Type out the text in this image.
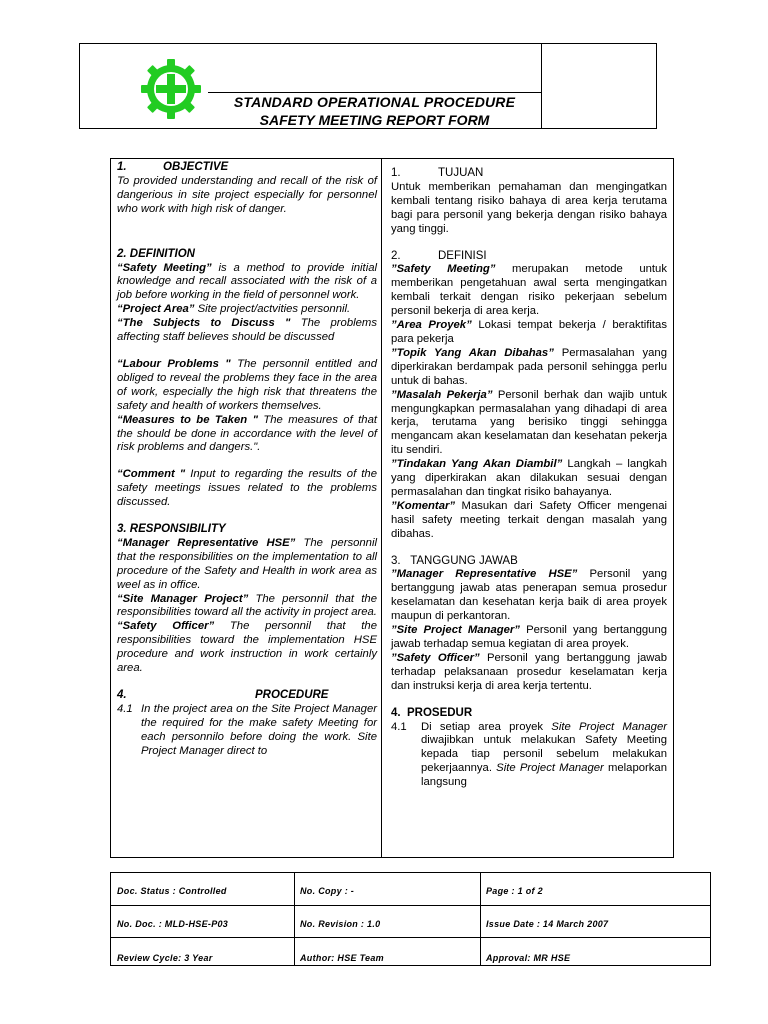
STANDARD OPERATIONAL PROCEDURE
SAFETY MEETING REPORT FORM
1.	OBJECTIVE

To provided understanding and recall of the risk of dangerious in site project especially for personnel who work with high risk of danger.

2. DEFINITION

“Safety Meeting” is a method to provide initial knowledge and recall associated with the risk of a job before working in the field of personnel work.

“Project Area” Site project/actvities personnil.

“The Subjects to Discuss " The problems affecting staff believes should be discussed

“Labour Problems " The personnil entitled and obliged to reveal the problems they face in the area of work, especially the high risk that threatens the safety and health of workers themselves.

“Measures to be Taken " The measures of that the should be done in accordance with the level of risk problems and dangers.".

“Comment " Input to regarding the results of the safety meetings issues related to the problems discussed.

3. RESPONSIBILITY

“Manager Representative HSE” The personnil that the responsibilities on the implementation to all procedure of the Safety and Health in work area as weel as in office.

“Site Manager Project” The personnil that the responsibilities toward all the activity in project area.

“Safety Officer” The personnil that the responsibilities toward the implementation HSE procedure and work instruction in work certainly area.

4.	PROCEDURE
4.1 In the project area on the Site Project Manager the required for the make safety Meeting for each personnilo before doing the work. Site Project Manager direct to
1.	TUJUAN

Untuk memberikan pemahaman dan mengingatkan kembali tentang risiko bahaya di area kerja terutama bagi para personil yang bekerja dengan risiko bahaya yang tinggi.

2.	DEFINISI

”Safety Meeting” merupakan metode untuk memberikan pengetahuan awal serta mengingatkan kembali terkait dengan risiko pekerjaan sebelum personil bekerja di area kerja.

”Area Proyek” Lokasi tempat bekerja / beraktifitas para pekerja

”Topik Yang Akan Dibahas” Permasalahan yang diperkirakan berdampak pada personil sehingga perlu untuk di bahas.

”Masalah Pekerja” Personil berhak dan wajib untuk mengungkapkan permasalahan yang dihadapi di area kerja, terutama yang berisiko tinggi sehingga mengancam akan keselamatan dan kesehatan pekerja itu sendiri.

”Tindakan Yang Akan Diambil” Langkah – langkah yang diperkirakan akan dilakukan sesuai dengan permasalahan dan tingkat risiko bahayanya.

”Komentar” Masukan dari Safety Officer mengenai hasil safety meeting terkait dengan masalah yang dibahas.

3. TANGGUNG JAWAB

”Manager Representative HSE” Personil yang bertanggung jawab atas penerapan semua prosedur keselamatan dan kesehatan kerja baik di area proyek maupun di perkantoran.

”Site Project Manager” Personil yang bertanggung jawab terhadap semua kegiatan di area proyek.

”Safety Officer” Personil yang bertanggung jawab terhadap pelaksanaan prosedur keselamatan kerja dan instruksi kerja di area kerja tertentu.

4. PROSEDUR
4.1	Di setiap area proyek Site Project Manager diwajibkan untuk melakukan Safety Meeting kepada tiap personil sebelum melakukan pekerjaannya. Site Project Manager melaporkan langsung
Doc. Status : Controlled	No. Copy : -	Page : 1 of 2
No. Doc. : MLD-HSE-P03	No. Revision : 1.0	Issue Date : 14 March 2007
Review Cycle: 3 Year	Author: HSE Team	Approval: MR HSE
